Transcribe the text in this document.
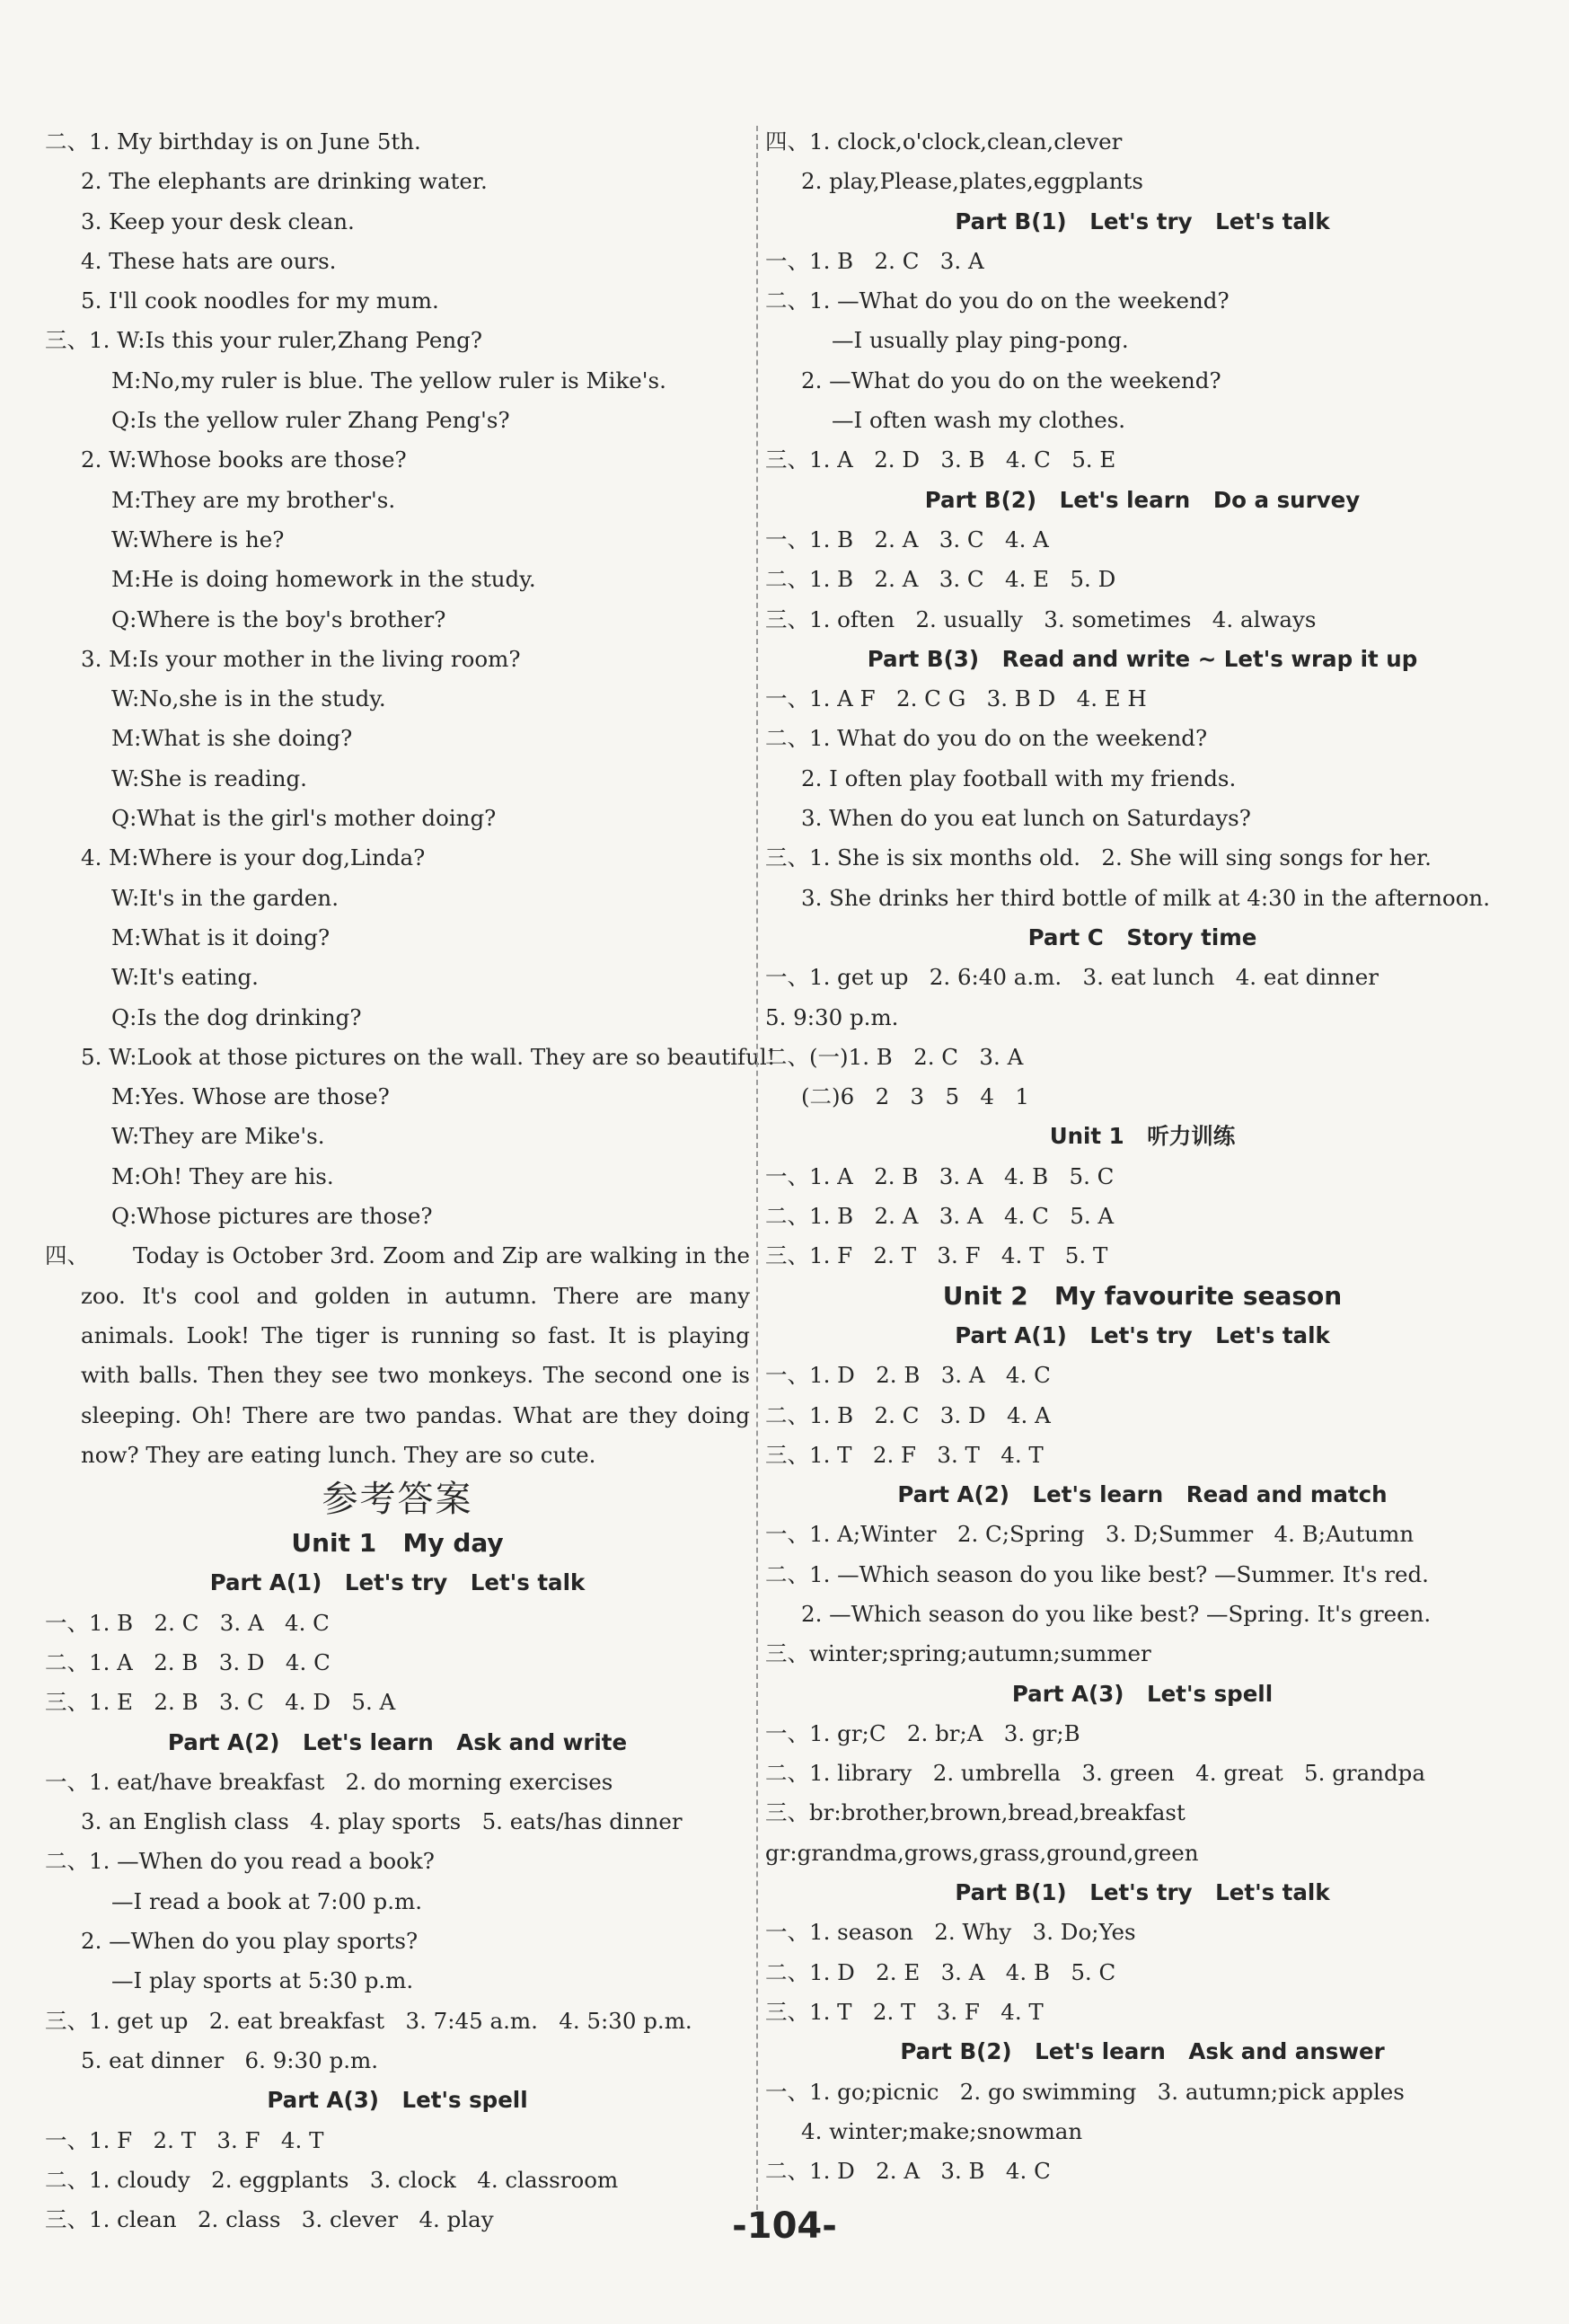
二、1. My birthday is on June 5th.
2. The elephants are drinking water.
3. Keep your desk clean.
4. These hats are ours.
5. I'll cook noodles for my mum.
三、1. W:Is this your ruler,Zhang Peng?
M:No,my ruler is blue. The yellow ruler is Mike's.
Q:Is the yellow ruler Zhang Peng's?
2. W:Whose books are those?
M:They are my brother's.
W:Where is he?
M:He is doing homework in the study.
Q:Where is the boy's brother?
3. M:Is your mother in the living room?
W:No,she is in the study.
M:What is she doing?
W:She is reading.
Q:What is the girl's mother doing?
4. M:Where is your dog,Linda?
W:It's in the garden.
M:What is it doing?
W:It's eating.
Q:Is the dog drinking?
5. W:Look at those pictures on the wall. They are so beautiful!
M:Yes. Whose are those?
W:They are Mike's.
M:Oh! They are his.
Q:Whose pictures are those?
四、	Today is October 3rd. Zoom and Zip are walking in the zoo. It's cool and golden in autumn. There are many animals. Look! The tiger is running so fast. It is playing with balls. Then they see two monkeys. The second one is sleeping. Oh! There are two pandas. What are they doing now? They are eating lunch. They are so cute.
参考答案
Unit 1   My day
Part A(1)   Let's try   Let's talk
一、1. B   2. C   3. A   4. C
二、1. A   2. B   3. D   4. C
三、1. E   2. B   3. C   4. D   5. A
Part A(2)   Let's learn   Ask and write
一、1. eat/have breakfast   2. do morning exercises
3. an English class   4. play sports   5. eats/has dinner
二、1. —When do you read a book?
—I read a book at 7:00 p.m.
2. —When do you play sports?
—I play sports at 5:30 p.m.
三、1. get up   2. eat breakfast   3. 7:45 a.m.   4. 5:30 p.m.
5. eat dinner   6. 9:30 p.m.
Part A(3)   Let's spell
一、1. F   2. T   3. F   4. T
二、1. cloudy   2. eggplants   3. clock   4. classroom
三、1. clean   2. class   3. clever   4. play
四、1. clock,o'clock,clean,clever
2. play,Please,plates,eggplants
Part B(1)   Let's try   Let's talk
一、1. B   2. C   3. A
二、1. —What do you do on the weekend?
—I usually play ping-pong.
2. —What do you do on the weekend?
—I often wash my clothes.
三、1. A   2. D   3. B   4. C   5. E
Part B(2)   Let's learn   Do a survey
一、1. B   2. A   3. C   4. A
二、1. B   2. A   3. C   4. E   5. D
三、1. often   2. usually   3. sometimes   4. always
Part B(3)   Read and write ~ Let's wrap it up
一、1. A F   2. C G   3. B D   4. E H
二、1. What do you do on the weekend?
2. I often play football with my friends.
3. When do you eat lunch on Saturdays?
三、1. She is six months old.   2. She will sing songs for her.
3. She drinks her third bottle of milk at 4:30 in the afternoon.
Part C   Story time
一、1. get up   2. 6:40 a.m.   3. eat lunch   4. eat dinner
5. 9:30 p.m.
二、(一)1. B   2. C   3. A
(二)6   2   3   5   4   1
Unit 1   听力训练
一、1. A   2. B   3. A   4. B   5. C
二、1. B   2. A   3. A   4. C   5. A
三、1. F   2. T   3. F   4. T   5. T
Unit 2   My favourite season
Part A(1)   Let's try   Let's talk
一、1. D   2. B   3. A   4. C
二、1. B   2. C   3. D   4. A
三、1. T   2. F   3. T   4. T
Part A(2)   Let's learn   Read and match
一、1. A;Winter   2. C;Spring   3. D;Summer   4. B;Autumn
二、1. —Which season do you like best? —Summer. It's red.
2. —Which season do you like best? —Spring. It's green.
三、winter;spring;autumn;summer
Part A(3)   Let's spell
一、1. gr;C   2. br;A   3. gr;B
二、1. library   2. umbrella   3. green   4. great   5. grandpa
三、br:brother,brown,bread,breakfast
gr:grandma,grows,grass,ground,green
Part B(1)   Let's try   Let's talk
一、1. season   2. Why   3. Do;Yes
二、1. D   2. E   3. A   4. B   5. C
三、1. T   2. T   3. F   4. T
Part B(2)   Let's learn   Ask and answer
一、1. go;picnic   2. go swimming   3. autumn;pick apples
4. winter;make;snowman
二、1. D   2. A   3. B   4. C
-104-
